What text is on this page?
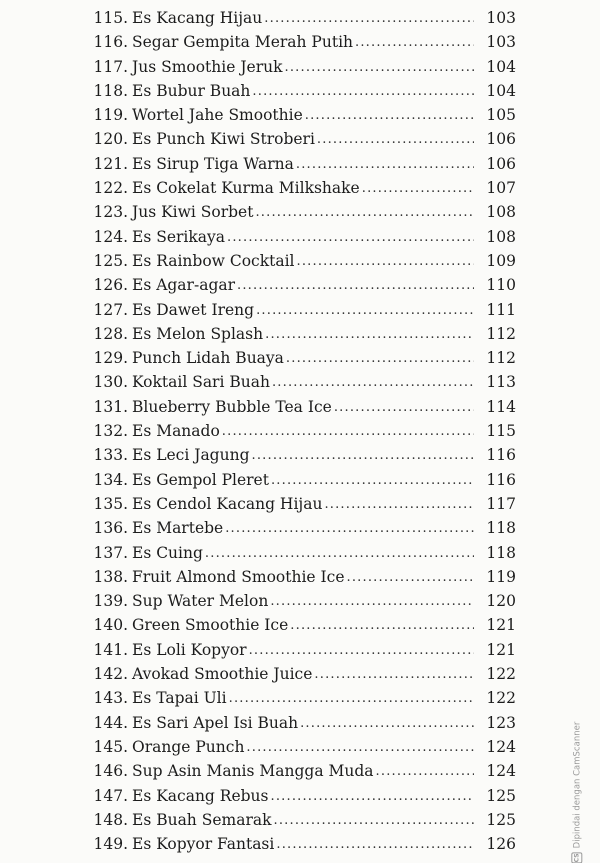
115. Es Kacang Hijau .....	103
116. Segar Gempita Merah Putih .....	103
117. Jus Smoothie Jeruk .....	104
118. Es Bubur Buah .....	104
119. Wortel Jahe Smoothie .....	105
120. Es Punch Kiwi Stroberi .....	106
121. Es Sirup Tiga Warna .....	106
122. Es Cokelat Kurma Milkshake .....	107
123. Jus Kiwi Sorbet .....	108
124. Es Serikaya .....	108
125. Es Rainbow Cocktail .....	109
126. Es Agar-agar .....	110
127. Es Dawet Ireng .....	111
128. Es Melon Splash .....	112
129. Punch Lidah Buaya .....	112
130. Koktail Sari Buah .....	113
131. Blueberry Bubble Tea Ice .....	114
132. Es Manado .....	115
133. Es Leci Jagung .....	116
134. Es Gempol Pleret .....	116
135. Es Cendol Kacang Hijau .....	117
136. Es Martebe .....	118
137. Es Cuing .....	118
138. Fruit Almond Smoothie Ice .....	119
139. Sup Water Melon .....	120
140. Green Smoothie Ice .....	121
141. Es Loli Kopyor .....	121
142. Avokad Smoothie Juice .....	122
143. Es Tapai Uli .....	122
144. Es Sari Apel Isi Buah .....	123
145. Orange Punch .....	124
146. Sup Asin Manis Mangga Muda .....	124
147. Es Kacang Rebus .....	125
148. Es Buah Semarak .....	125
149. Es Kopyor Fantasi .....	126
CS
Dipindai dengan CamScanner
